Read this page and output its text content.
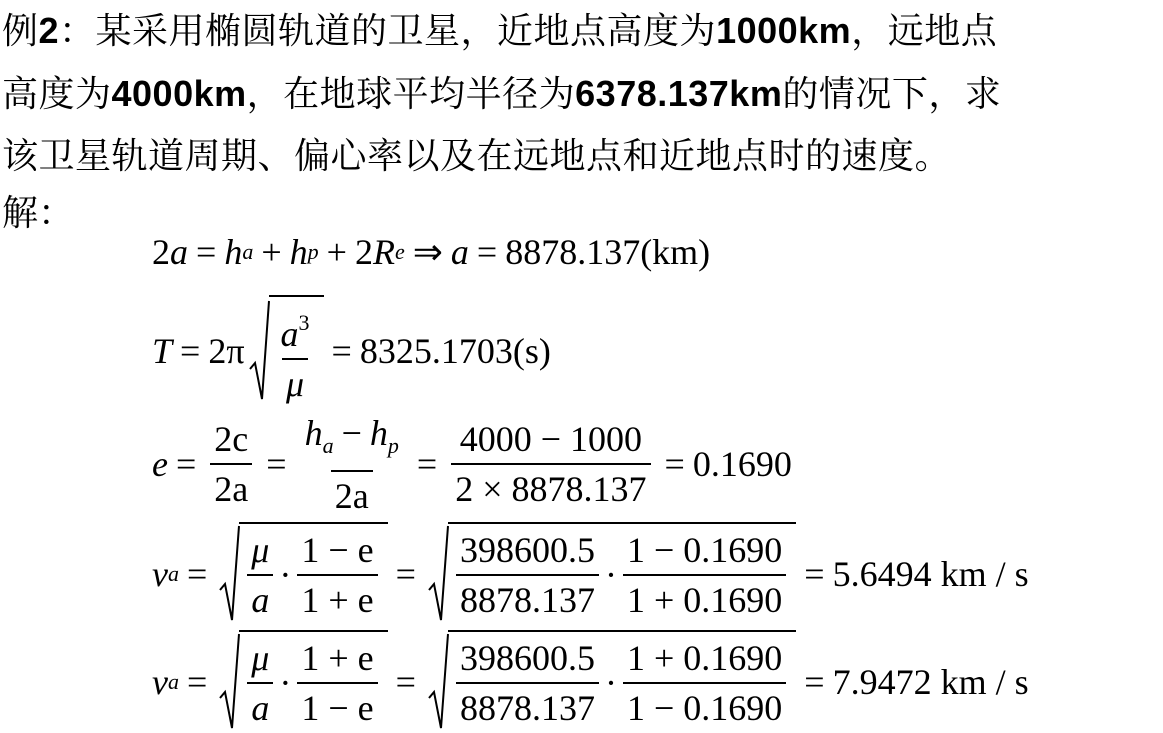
例2：某采用椭圆轨道的卫星，近地点高度为1000km，远地点
高度为4000km，在地球平均半径为6378.137km的情况下，求
该卫星轨道周期、偏心率以及在远地点和近地点时的速度。
解：
2 a = h a + h p + 2 R e ⇒ a = 8878.137(km)
$T = 2\pi \frac{a^3}{\mu} = 8325.1703(s)$
$e = \frac{2c}{2a} = \frac{h_a - h_p}{2a} = \frac{4000 - 1000}{2 \times 8878.137} = 0.1690$
v $a = \frac{\mu}{a} \cdot \frac{1 - e}{1 + e} = \frac{398600.5}{8878.137} \cdot \frac{1 - 0.1690}{1 + 0.1690} = 5.6494$ km / s
v $a = \frac{\mu}{a} \cdot \frac{1 + e}{1 - e} = \frac{398600.5}{8878.137} \cdot \frac{1 + 0.1690}{1 - 0.1690} = 7.9472$ km / s
